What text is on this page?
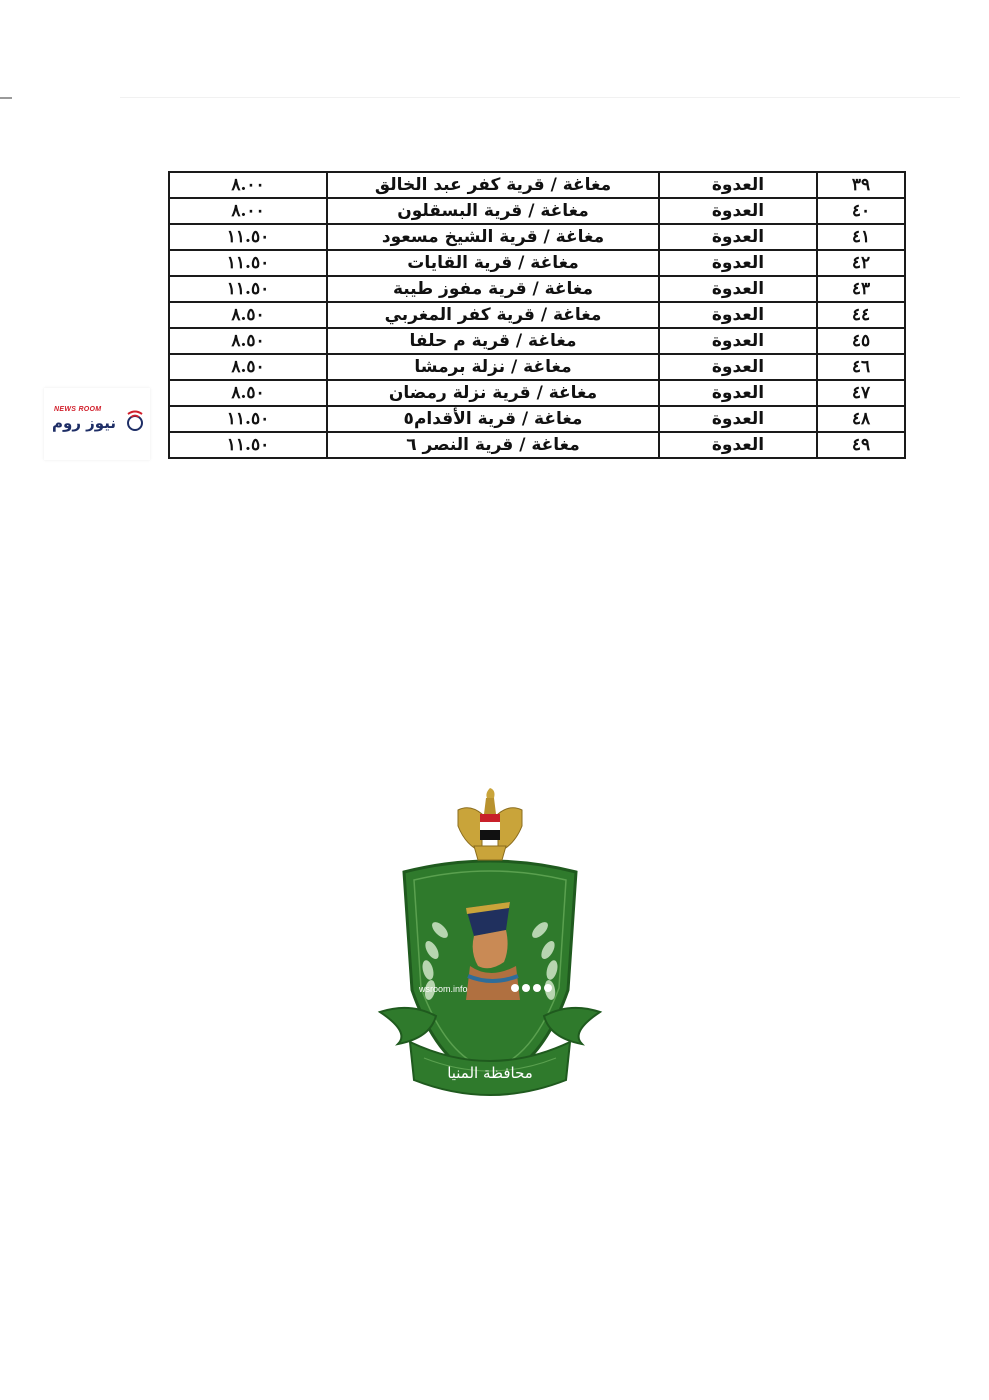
٣٩	العدوة	مغاغة / قرية كفر عبد الخالق	٨.٠٠
٤٠	العدوة	مغاغة / قرية البسقلون	٨.٠٠
٤١	العدوة	مغاغة / قرية الشيخ مسعود	١١.٥٠
٤٢	العدوة	مغاغة / قرية القايات	١١.٥٠
٤٣	العدوة	مغاغة / قرية مفوز طيبة	١١.٥٠
٤٤	العدوة	مغاغة / قرية كفر المغربي	٨.٥٠
٤٥	العدوة	مغاغة / قرية م حلفا	٨.٥٠
٤٦	العدوة	مغاغة / نزلة برمشا	٨.٥٠
٤٧	العدوة	مغاغة / قرية نزلة رمضان	٨.٥٠
٤٨	العدوة	مغاغة / قرية الأقدام٥	١١.٥٠
٤٩	العدوة	مغاغة / قرية النصر ٦	١١.٥٠
NEWS ROOM
نيوز روم
wsroom.info
محافظة المنيا
